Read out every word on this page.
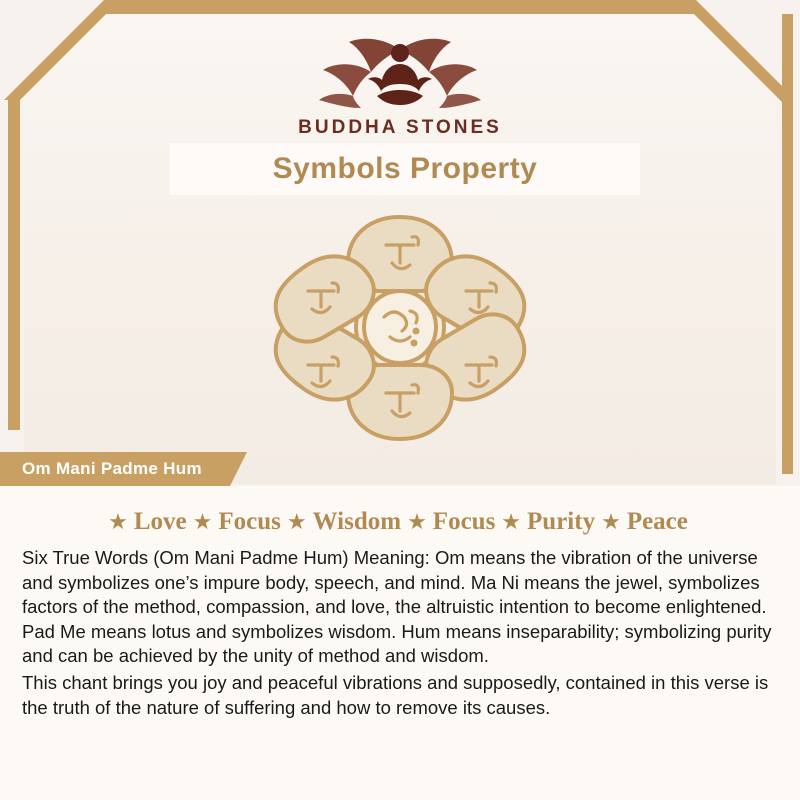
BUDDHA STONES
Symbols Property
Om Mani Padme Hum
★ Love ★ Focus ★ Wisdom ★ Focus ★ Purity ★ Peace

Six True Words (Om Mani Padme Hum) Meaning: Om means the vibration of the universe and symbolizes one’s impure body, speech, and mind. Ma Ni means the jewel, symbolizes factors of the method, compassion, and love, the altruistic intention to become enlightened. Pad Me means lotus and symbolizes wisdom. Hum means inseparability; symbolizing purity and can be achieved by the unity of method and wisdom.

This chant brings you joy and peaceful vibrations and supposedly, contained in this verse is the truth of the nature of suffering and how to remove its causes.
